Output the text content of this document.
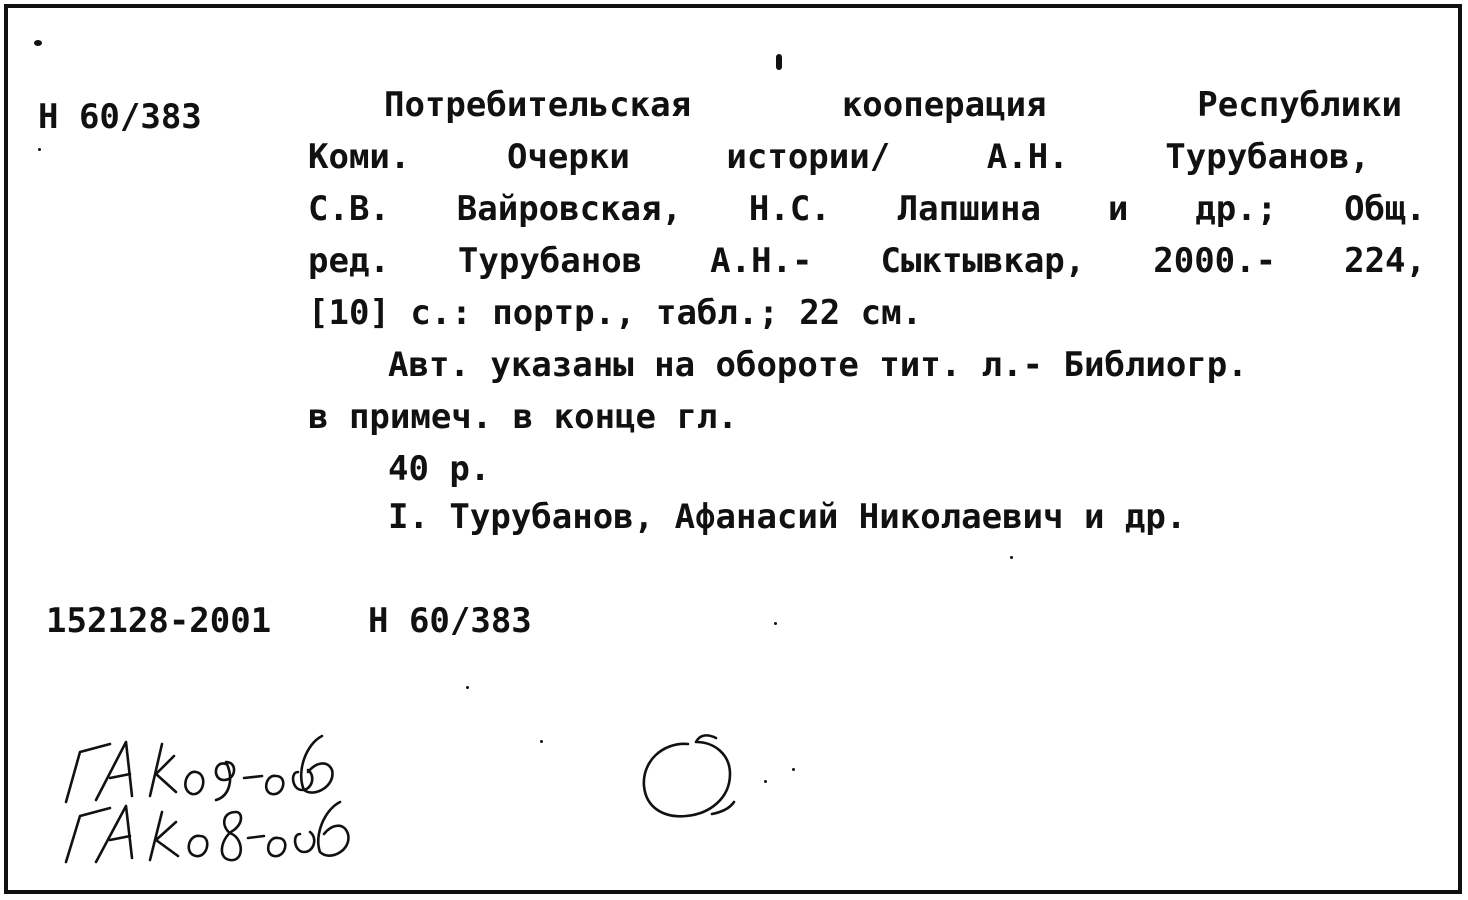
Н 60/383	Потребительская	кооперация	Республики
Коми.	Очерки	истории/	А.Н.	Турубанов,
С.В. Вайровская, Н.С. Лапшина и др.; Общ.
ред. Турубанов А.Н.- Сыктывкар, 2000.- 224,
[10] с.: портр., табл.; 22 см.
Авт. указаны на обороте тит. л.- Библиогр.
в примеч. в конце гл.
40 р.
I. Турубанов, Афанасий Николаевич и др.
152128-2001	Н 60/383
